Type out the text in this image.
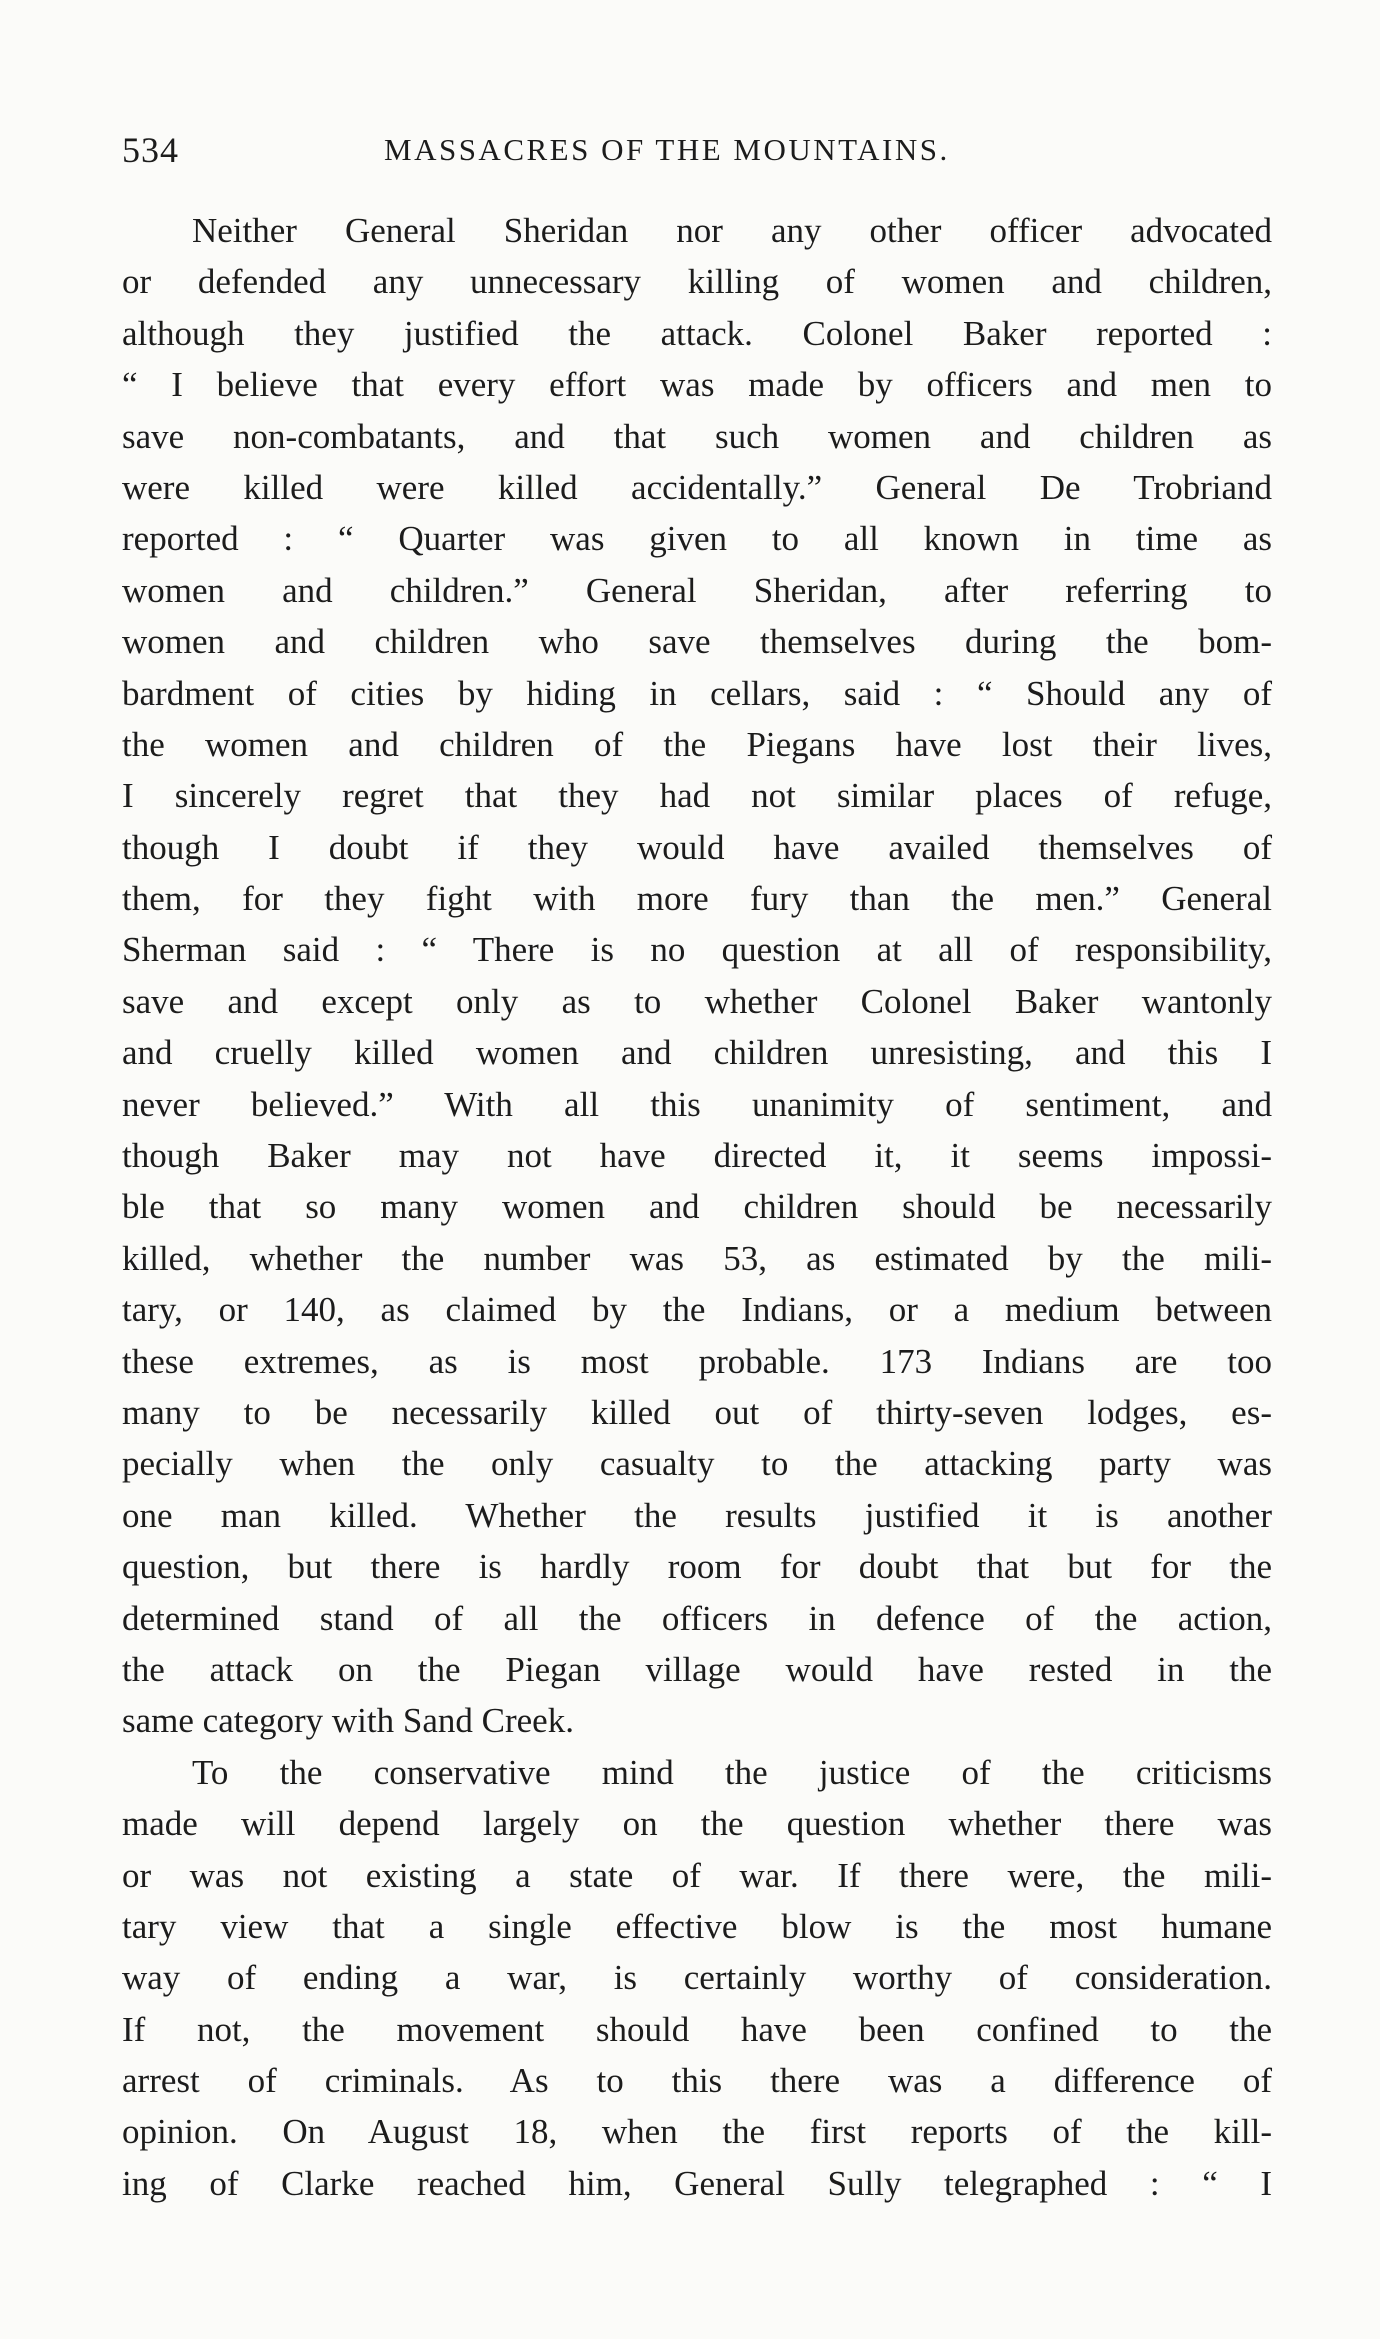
534	MASSACRES OF THE MOUNTAINS.
Neither General Sheridan nor any other officer advocated
or defended any unnecessary killing of women and children,
although they justified the attack. Colonel Baker reported :
“ I believe that every effort was made by officers and men to
save non-combatants, and that such women and children as
were killed were killed accidentally.” General De Trobriand
reported : “ Quarter was given to all known in time as
women and children.” General Sheridan, after referring to
women and children who save themselves during the bom-
bardment of cities by hiding in cellars, said : “ Should any of
the women and children of the Piegans have lost their lives,
I sincerely regret that they had not similar places of refuge,
though I doubt if they would have availed themselves of
them, for they fight with more fury than the men.” General
Sherman said : “ There is no question at all of responsibility,
save and except only as to whether Colonel Baker wantonly
and cruelly killed women and children unresisting, and this I
never believed.” With all this unanimity of sentiment, and
though Baker may not have directed it, it seems impossi-
ble that so many women and children should be necessarily
killed, whether the number was 53, as estimated by the mili-
tary, or 140, as claimed by the Indians, or a medium between
these extremes, as is most probable. 173 Indians are too
many to be necessarily killed out of thirty-seven lodges, es-
pecially when the only casualty to the attacking party was
one man killed. Whether the results justified it is another
question, but there is hardly room for doubt that but for the
determined stand of all the officers in defence of the action,
the attack on the Piegan village would have rested in the
same category with Sand Creek.
To the conservative mind the justice of the criticisms
made will depend largely on the question whether there was
or was not existing a state of war. If there were, the mili-
tary view that a single effective blow is the most humane
way of ending a war, is certainly worthy of consideration.
If not, the movement should have been confined to the
arrest of criminals. As to this there was a difference of
opinion. On August 18, when the first reports of the kill-
ing of Clarke reached him, General Sully telegraphed : “ I
